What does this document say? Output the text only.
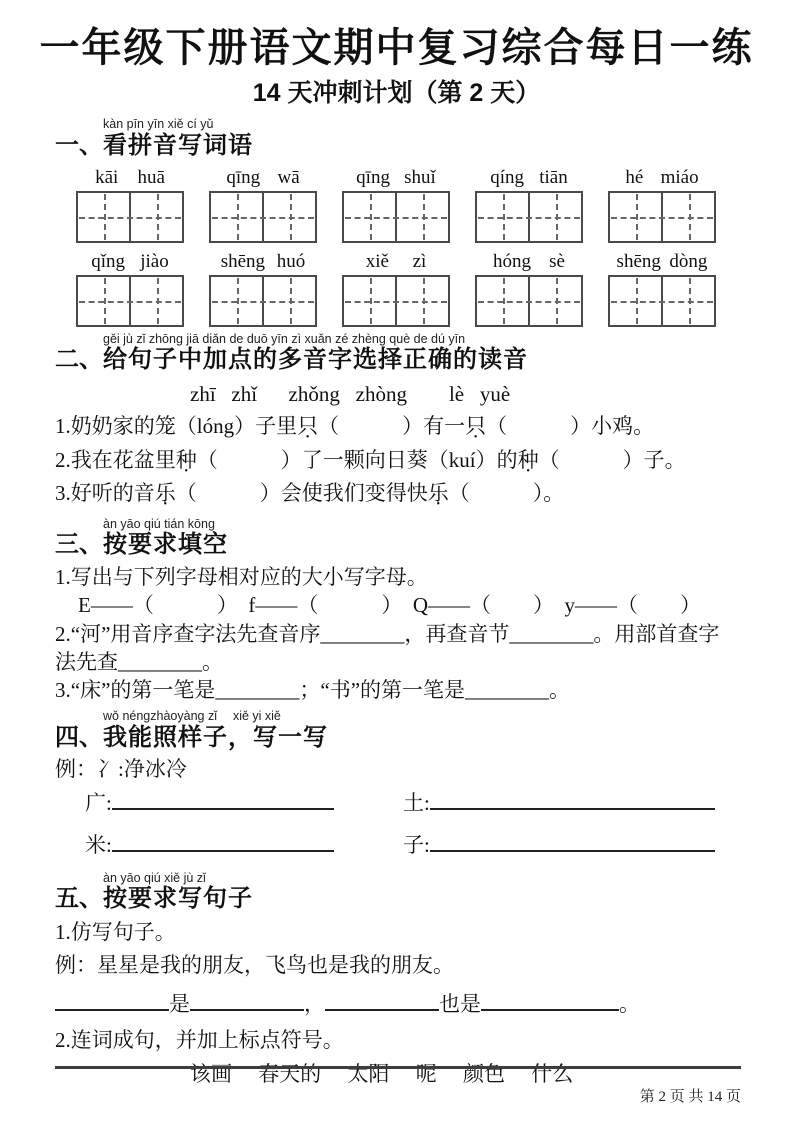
一年级下册语文期中复习综合每日一练
14 天冲刺计划（第 2 天）
一、
kàn pīn yīn xiě cí yǔ
看拼音写词语
kāi huā	qīng wā	qīng shuǐ	qíng tiān	hé miáo
qǐng jiào	shēng huó	xiě zì	hóng sè	shēng dòng
二、
gěi jù zǐ zhōng jiā diǎn de duō yīn zì xuǎn zé zhèng què de dú yīn
给句子中加点的多音字选择正确的读音
zhī   zhǐ      zhǒng   zhòng        lè   yuè

1.奶奶家的笼（lóng）子里只（　　　）有一只（　　　）小鸡。

2.我在花盆里种（　　　）了一颗向日葵（kuí）的种（　　　）子。

3.好听的音乐（　　　）会使我们变得快乐（　　　）。

三、
àn yāo qiú tián kōng
按要求填空

1.写出与下列字母相对应的大小写字母。

E——（　　　）　f——（　　　）　Q——（　　）　y——（　　）

2.“河”用音序查字法先查音序________，再查音节________。用部首查字

法先查________。

3.“床”的第一笔是________；“书”的第一笔是________。

四、
wǒ néngzhàoyàng zǐ　 xiě yi xiě
我能照样子，写一写

例：冫:净冰冷

广:	土:
米:	子:
五、
àn yāo qiú xiě jù zǐ
按要求写句子

1.仿写句子。

例：星星是我的朋友，飞鸟也是我的朋友。

是	，	也是	。

2.连词成句，并加上标点符号。

该画　 春天的　 太阳　 呢　 颜色　 什么
第 2 页 共 14 页
